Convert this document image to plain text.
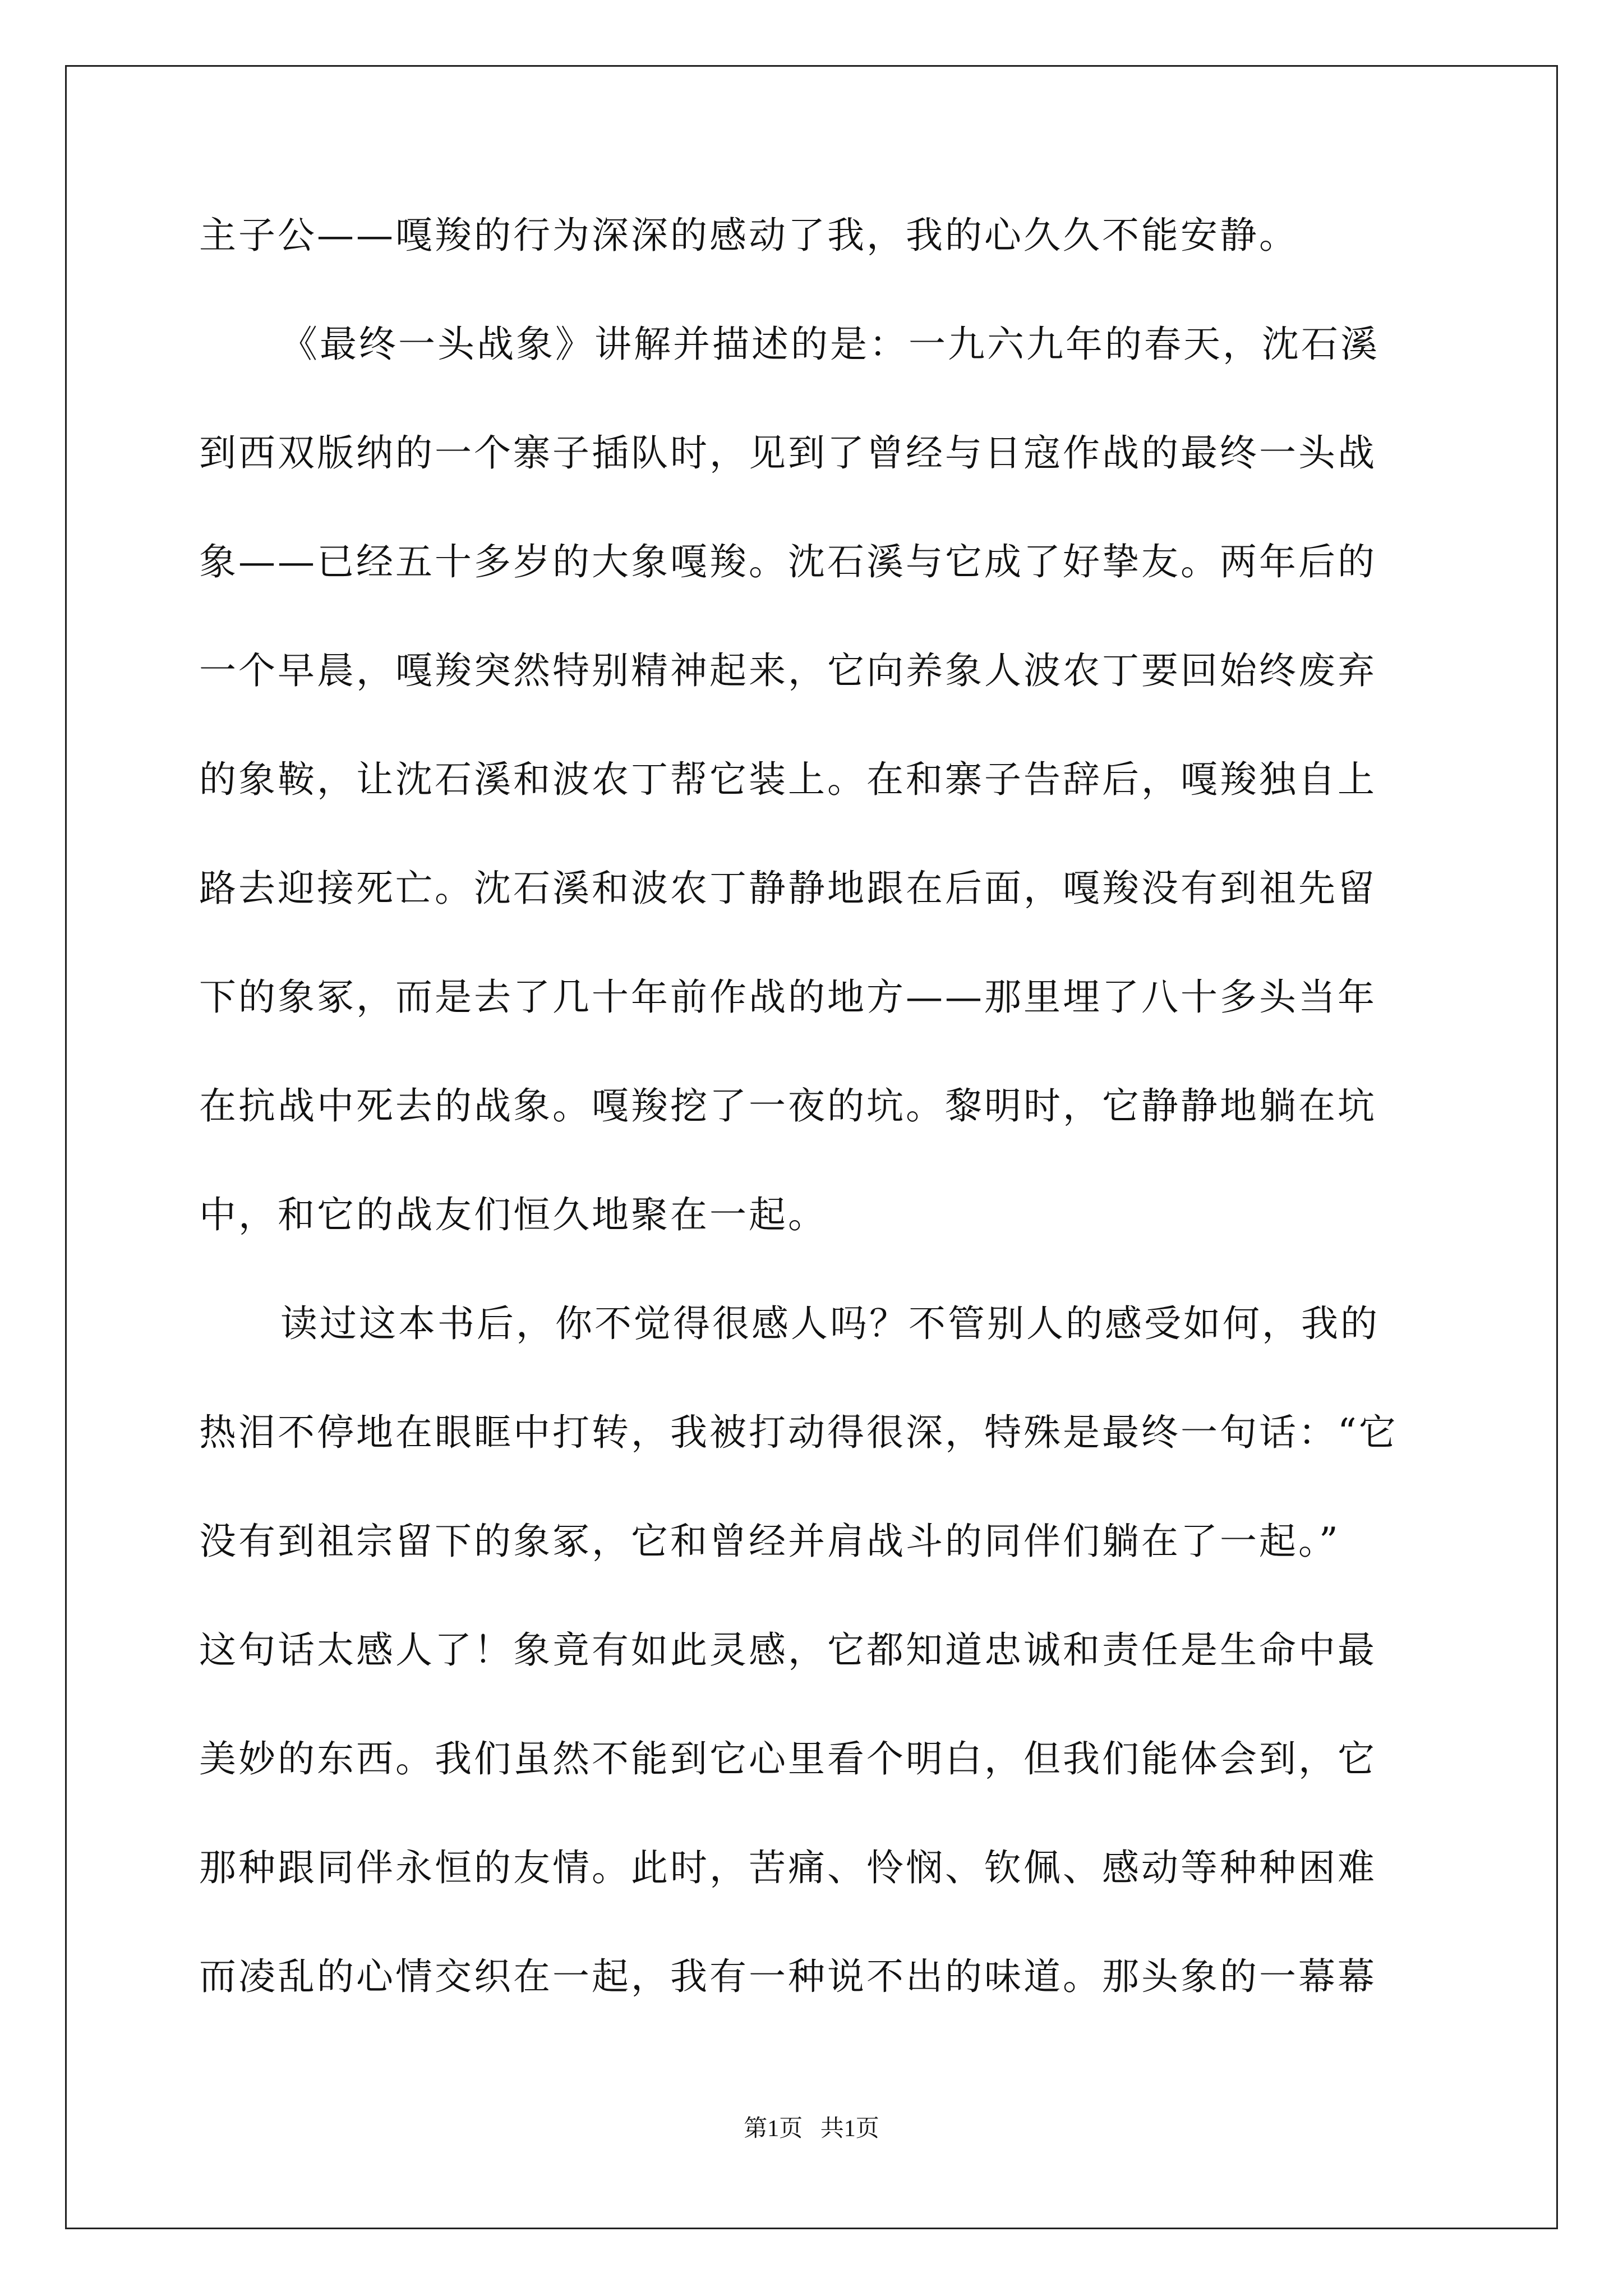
主子公——嘎羧的行为深深的感动了我，我的心久久不能安静。
《最终一头战象》讲解并描述的是：一九六九年的春天，沈石溪
到西双版纳的一个寨子插队时，见到了曾经与日寇作战的最终一头战
象——已经五十多岁的大象嘎羧。沈石溪与它成了好挚友。两年后的
一个早晨，嘎羧突然特别精神起来，它向养象人波农丁要回始终废弃
的象鞍，让沈石溪和波农丁帮它装上。在和寨子告辞后，嘎羧独自上
路去迎接死亡。沈石溪和波农丁静静地跟在后面，嘎羧没有到祖先留
下的象冢，而是去了几十年前作战的地方——那里埋了八十多头当年
在抗战中死去的战象。嘎羧挖了一夜的坑。黎明时，它静静地躺在坑
中，和它的战友们恒久地聚在一起。
读过这本书后，你不觉得很感人吗？不管别人的感受如何，我的
热泪不停地在眼眶中打转，我被打动得很深，特殊是最终一句话：“它
没有到祖宗留下的象冢，它和曾经并肩战斗的同伴们躺在了一起。”
这句话太感人了！象竟有如此灵感，它都知道忠诚和责任是生命中最
美妙的东西。我们虽然不能到它心里看个明白，但我们能体会到，它
那种跟同伴永恒的友情。此时，苦痛、怜悯、钦佩、感动等种种困难
而凌乱的心情交织在一起，我有一种说不出的味道。那头象的一幕幕
第1页   共1页
